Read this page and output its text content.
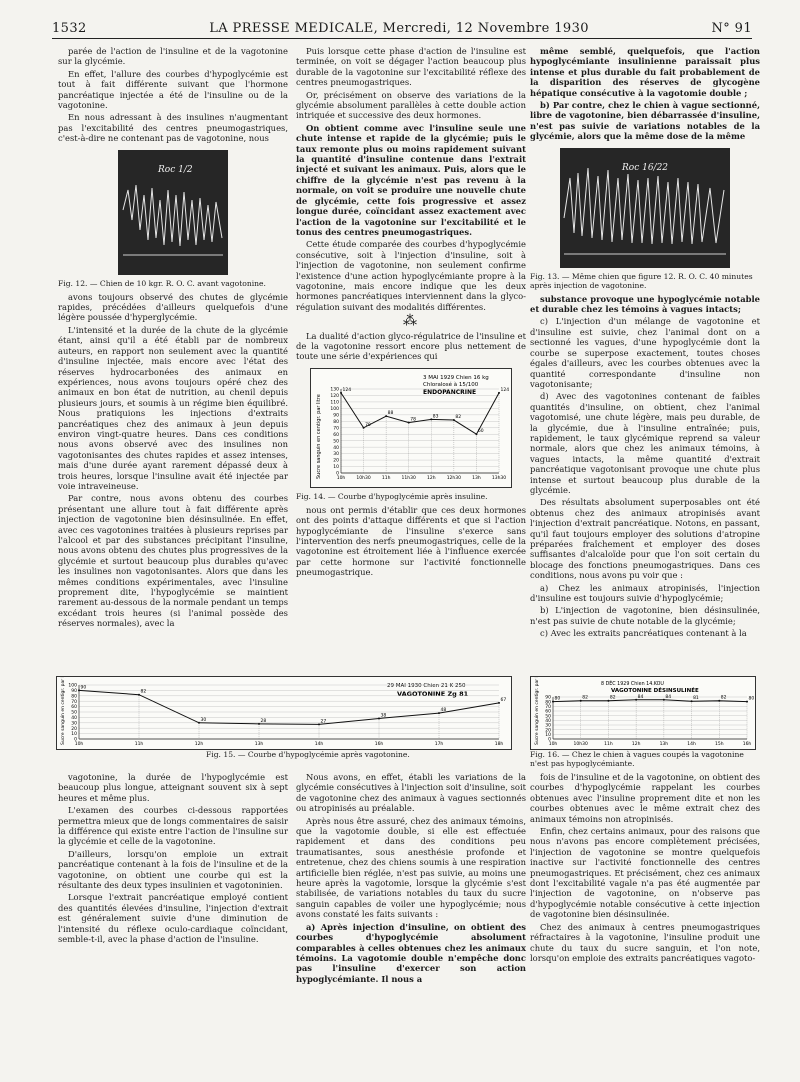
1532	LA PRESSE MEDICALE, Mercredi, 12 Novembre 1930	N° 91

parée de l'action de l'insuline et de la vagotonine sur la glycémie.

En effet, l'allure des courbes d'hypoglycémie est tout à fait différente suivant que l'hormone pancréatique injectée a été de l'insuline ou de la vagotonine.

En nous adressant à des insulines n'augmentant pas l'excitabilité des centres pneumogastriques, c'est-à-dire ne contenant pas de vagotonine, nous

Roc 1/2
Fig. 12. — Chien de 10 kgr. R. O. C. avant vagotonine.

avons toujours observé des chutes de glycémie rapides, précédées d'ailleurs quelquefois d'une légère poussée d'hyperglycémie.

L'intensité et la durée de la chute de la glycémie étant, ainsi qu'il a été établi par de nombreux auteurs, en rapport non seulement avec la quantité d'insuline injectée, mais encore avec l'état des réserves hydrocarbonées des animaux en expériences, nous avons toujours opéré chez des animaux en bon état de nutrition, au chenil depuis plusieurs jours, et soumis à un régime bien équilibré. Nous pratiquions les injections d'extraits pancréatiques chez des animaux à jeun depuis environ vingt-quatre heures. Dans ces conditions nous avons observé avec des insulines non vagotonisantes des chutes rapides et assez intenses, mais d'une durée ayant rarement dépassé deux à trois heures, lorsque l'insuline avait été injectée par voie intraveineuse.

Par contre, nous avons obtenu des courbes présentant une allure tout à fait différente après injection de vagotonine bien désinsulinée. En effet, avec ces vagotonines traitées à plusieurs reprises par l'alcool et par des substances précipitant l'insuline, nous avons obtenu des chutes plus progressives de la glycémie et surtout beaucoup plus durables qu'avec les insulines non vagotonisantes. Alors que dans les mêmes conditions expérimentales, avec l'insuline proprement dite, l'hypoglycémie se maintient rarement au-dessous de la normale pendant un temps excédant trois heures (si l'animal possède des réserves normales), avec la

Puis lorsque cette phase d'action de l'insuline est terminée, on voit se dégager l'action beaucoup plus durable de la vagotonine sur l'excitabilité réflexe des centres pneumogastriques.

Or, précisément on observe des variations de la glycémie absolument parallèles à cette double action intriquée et successive des deux hormones.

On obtient comme avec l'insuline seule une chute intense et rapide de la glycémie; puis le taux remonte plus ou moins rapidement suivant la quantité d'insuline contenue dans l'extrait injecté et suivant les animaux. Puis, alors que le chiffre de la glycémie n'est pas revenu à la normale, on voit se produire une nouvelle chute de glycémie, cette fois progressive et assez longue durée, coïncidant assez exactement avec l'action de la vagotonine sur l'excitabilité et le tonus des centres pneumogastriques.

Cette étude comparée des courbes d'hypoglycémie consécutive, soit à l'injection d'insuline, soit à l'injection de vagotonine, non seulement confirme l'existence d'une action hypoglycémiante propre à la vagotonine, mais encore indique que les deux hormones pancréatiques interviennent dans la glyco-régulation suivant des modalités différentes.

⁂

La dualité d'action glyco-régulatrice de l'insuline et de la vagotonine ressort encore plus nettement de toute une série d'expériences qui

3 MAI 1929 Chien 16 kg
Chloralosé à 15/100
ENDOPANCRINE
Sucre sanguin en centigr. par litre	0
10
20
30
40
50
60
70
80
90
100
110
120
130
10h 10h30 11h 11h30 12h 12h30 13h 13h30
124
70
88
78
83	82
60
124
Fig. 14. — Courbe d'hypoglycémie après insuline.

nous ont permis d'établir que ces deux hormones ont des points d'attaque différents et que si l'action hypoglycémiante de l'insuline s'exerce sans l'intervention des nerfs pneumogastriques, celle de la vagotonine est étroitement liée à l'influence exercée par cette hormone sur l'activité fonctionnelle pneumogastrique.

même semblé, quelquefois, que l'action hypoglycémiante insulinienne paraissait plus intense et plus durable du fait probablement de la disparition des réserves de glycogène hépatique consécutive à la vagotomie double ;

b) Par contre, chez le chien à vague sectionné, libre de vagotonine, bien débarrassée d'insuline, n'est pas suivie de variations notables de la glycémie, alors que la même dose de la même

Roc 16/22
Fig. 13. — Même chien que figure 12. R. O. C. 40 minutes après injection de vagotonine.

substance provoque une hypoglycémie notable et durable chez les témoins à vagues intacts;

c) L'injection d'un mélange de vagotonine et d'insuline est suivie, chez l'animal dont on a sectionné les vagues, d'une hypoglycémie dont la courbe se superpose exactement, toutes choses égales d'ailleurs, avec les courbes obtenues avec la quantité correspondante d'insuline non vagotonisante;

d) Avec des vagotonines contenant de faibles quantités d'insuline, on obtient, chez l'animal vagotomisé, une chute légère, mais peu durable, de la glycémie, due à l'insuline entraînée; puis, rapidement, le taux glycémique reprend sa valeur normale, alors que chez les animaux témoins, à vagues intacts, la même quantité d'extrait pancréatique vagotonisant provoque une chute plus intense et surtout beaucoup plus durable de la glycémie.

Des résultats absolument superposables ont été obtenus chez des animaux atropinisés avant l'injection d'extrait pancréatique. Notons, en passant, qu'il faut toujours employer des solutions d'atropine préparées fraîchement et employer des doses suffisantes d'alcaloïde pour que l'on soit certain du blocage des fonctions pneumogastriques. Dans ces conditions, nous avons pu voir que :

a) Chez les animaux atropinisés, l'injection d'insuline est toujours suivie d'hypoglycémie;

b) L'injection de vagotonine, bien désinsulinée, n'est pas suivie de chute notable de la glycémie;

c) Avec les extraits pancréatiques contenant à la

29 MAI 1930 Chien 21 K 250
VAGOTONINE Zg 81
Sucre sanguin en centigr. par litre 0
10
20
30
40
50
60
70
80
90
100
10h	11h	12h	13h	14h	16h	17h	18h
90
82
30	28	27
38
48
67
Fig. 15. — Courbe d'hypoglycémie après vagotonine.
8 DÉC 1929 Chien 14.KOU
VAGOTONINE DÉSINSULINÉE
Sucre sanguin en centigr. par litre 0
10
20
30
40
50
60
70
80
90
10h	10h30	11h	12h	13h	14h	15h	16h
80	82	82	84	84	81	82	80
Fig. 16. — Chez le chien à vagues coupés la vagotonine n'est pas hypoglycémiante.

vagotonine, la durée de l'hypoglycémie est beaucoup plus longue, atteignant souvent six à sept heures et même plus.

L'examen des courbes ci-dessous rapportées permettra mieux que de longs commentaires de saisir la différence qui existe entre l'action de l'insuline sur la glycémie et celle de la vagotonine.

D'ailleurs, lorsqu'on emploie un extrait pancréatique contenant à la fois de l'insuline et de la vagotonine, on obtient une courbe qui est la résultante des deux types insulinien et vagotoninien.

Lorsque l'extrait pancréatique employé contient des quantités élevées d'insuline, l'injection d'extrait est généralement suivie d'une diminution de l'intensité du réflexe oculo-cardiaque coïncidant, semble-t-il, avec la phase d'action de l'insuline.

Nous avons, en effet, établi les variations de la glycémie consécutives à l'injection soit d'insuline, soit de vagotonine chez des animaux à vagues sectionnés ou atropinisés au préalable.

Après nous être assuré, chez des animaux témoins, que la vagotomie double, si elle est effectuée rapidement et dans des conditions peu traumatisantes, sous anesthésie profonde et entretenue, chez des chiens soumis à une respiration artificielle bien réglée, n'est pas suivie, au moins une heure après la vagotomie, lorsque la glycémie s'est stabilisée, de variations notables du taux du sucre sanguin capables de voiler une hypoglycémie; nous avons constaté les faits suivants :

a) Après injection d'insuline, on obtient des courbes d'hypoglycémie absolument comparables à celles obtenues chez les animaux témoins. La vagotomie double n'empêche donc pas l'insuline d'exercer son action hypoglycémiante. Il nous a

fois de l'insuline et de la vagotonine, on obtient des courbes d'hypoglycémie rappelant les courbes obtenues avec l'insuline proprement dite et non les courbes obtenues avec le même extrait chez des animaux témoins non atropinisés.

Enfin, chez certains animaux, pour des raisons que nous n'avons pas encore complètement précisées, l'injection de vagotonine se montre quelquefois inactive sur l'activité fonctionnelle des centres pneumogastriques. Et précisément, chez ces animaux dont l'excitabilité vagale n'a pas été augmentée par l'injection de vagotonine, on n'observe pas d'hypoglycémie notable consécutive à cette injection de vagotonine bien désinsulinée.

Chez des animaux à centres pneumogastriques réfractaires à la vagotonine, l'insuline produit une chute du taux du sucre sanguin, et l'on note, lorsqu'on emploie des extraits pancréatiques vagoto-
